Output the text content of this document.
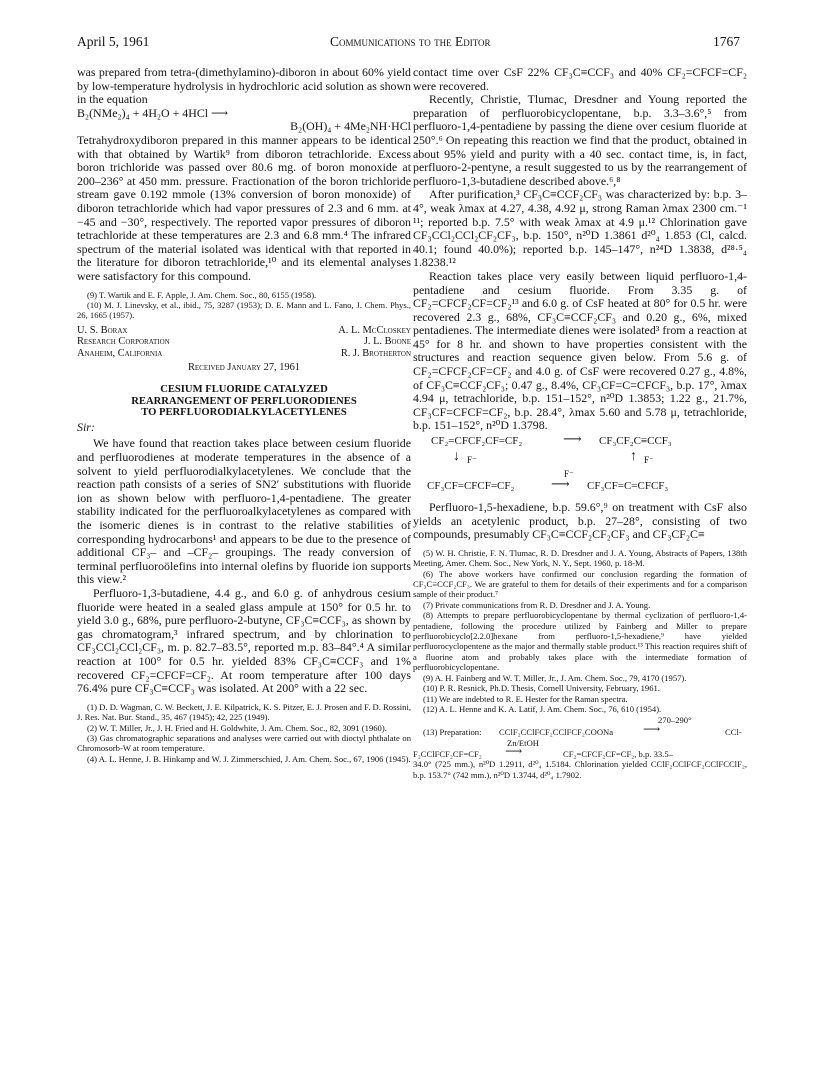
April 5, 1961	Communications to the Editor	1767

was prepared from tetra-(dimethylamino)-diboron in about 60% yield by low-temperature hydrolysis in hydrochloric acid solution as shown in the equation

B₂(NMe₂)₄ + 4H₂O + 4HCl ⟶

B₂(OH)₄ + 4Me₂NH·HCl

Tetrahydroxydiboron prepared in this manner appears to be identical with that obtained by Wartik⁹ from diboron tetrachloride. Excess boron trichloride was passed over 80.6 mg. of boron monoxide at 200–236° at 450 mm. pressure. Fractionation of the boron trichloride stream gave 0.192 mmole (13% conversion of boron monoxide) of diboron tetrachloride which had vapor pressures of 2.3 and 6 mm. at −45 and −30°, respectively. The reported vapor pressures of diboron tetrachloride at these temperatures are 2.3 and 6.8 mm.⁴ The infrared spectrum of the material isolated was identical with that reported in the literature for diboron tetrachloride,¹⁰ and its elemental analyses were satisfactory for this compound.

(9) T. Wartik and E. F. Apple, J. Am. Chem. Soc., 80, 6155 (1958).

(10) M. J. Linevsky, et al., ibid., 75, 3287 (1953); D. E. Mann and L. Fano, J. Chem. Phys., 26, 1665 (1957).

U. S. Borax	A. L. McCloskey
Research Corporation	J. L. Boone
Anaheim, California	R. J. Brotherton
Received January 27, 1961

CESIUM FLUORIDE CATALYZED

REARRANGEMENT OF PERFLUORODIENES

TO PERFLUORODIALKYLACETYLENES

Sir:

We have found that reaction takes place between cesium fluoride and perfluorodienes at moderate temperatures in the absence of a solvent to yield perfluorodialkylacetylenes. We conclude that the reaction path consists of a series of SN2′ substitutions with fluoride ion as shown below with perfluoro-1,4-pentadiene. The greater stability indicated for the perfluoroalkylacetylenes as compared with the isomeric dienes is in contrast to the relative stabilities of corresponding hydrocarbons¹ and appears to be due to the presence of additional CF₃– and –CF₂– groupings. The ready conversion of terminal perfluoroölefins into internal olefins by fluoride ion supports this view.²

Perfluoro-1,3-butadiene, 4.4 g., and 6.0 g. of anhydrous cesium fluoride were heated in a sealed glass ampule at 150° for 0.5 hr. to yield 3.0 g., 68%, pure perfluoro-2-butyne, CF₃C≡CCF₃, as shown by gas chromatogram,³ infrared spectrum, and by chlorination to CF₃CCl₂CCl₂CF₃, m. p. 82.7–83.5°, reported m.p. 83–84°.⁴ A similar reaction at 100° for 0.5 hr. yielded 83% CF₃C≡CCF₃ and 1% recovered CF₂=CFCF=CF₂. At room temperature after 100 days 76.4% pure CF₃C≡CCF₃ was isolated. At 200° with a 22 sec.

(1) D. D. Wagman, C. W. Beckett, J. E. Kilpatrick, K. S. Pitzer, E. J. Prosen and F. D. Rossini, J. Res. Nat. Bur. Stand., 35, 467 (1945); 42, 225 (1949).

(2) W. T. Miller, Jr., J. H. Fried and H. Goldwhite, J. Am. Chem. Soc., 82, 3091 (1960).

(3) Gas chromatographic separations and analyses were carried out with dioctyl phthalate on Chromosorb-W at room temperature.

(4) A. L. Henne, J. B. Hinkamp and W. J. Zimmerschied, J. Am. Chem. Soc., 67, 1906 (1945).

contact time over CsF 22% CF₃C≡CCF₃ and 40% CF₂=CFCF=CF₂ were recovered.

Recently, Christie, Tlumac, Dresdner and Young reported the preparation of perfluorobicyclopentane, b.p. 3.3–3.6°,⁵ from perfluoro-1,4-pentadiene by passing the diene over cesium fluoride at 250°.⁶ On repeating this reaction we find that the product, obtained in about 95% yield and purity with a 40 sec. contact time, is, in fact, perfluoro-2-pentyne, a result suggested to us by the rearrangement of perfluoro-1,3-butadiene described above.⁶,⁸

After purification,³ CF₃C≡CCF₂CF₃ was characterized by: b.p. 3–4°, weak λmax at 4.27, 4.38, 4.92 μ, strong Raman λmax 2300 cm.⁻¹ ¹¹; reported b.p. 7.5° with weak λmax at 4.9 μ.¹² Chlorination gave CF₃CCl₂CCl₂CF₂CF₃, b.p. 150°, n²⁰D 1.3861 d²⁰₄ 1.853 (Cl, calcd. 40.1; found 40.0%); reported b.p. 145–147°, n²⁴D 1.3838, d²⁸·⁵₄ 1.8238.¹²

Reaction takes place very easily between liquid perfluoro-1,4-pentadiene and cesium fluoride. From 3.35 g. of CF₂=CFCF₂CF=CF₂¹³ and 6.0 g. of CsF heated at 80° for 0.5 hr. were recovered 2.3 g., 68%, CF₃C≡CCF₂CF₃ and 0.20 g., 6%, mixed pentadienes. The intermediate dienes were isolated³ from a reaction at 45° for 8 hr. and shown to have properties consistent with the structures and reaction sequence given below. From 5.6 g. of CF₂=CFCF₂CF=CF₂ and 4.0 g. of CsF were recovered 0.27 g., 4.8%, of CF₃C≡CCF₂CF₃; 0.47 g., 8.4%, CF₃CF=C=CFCF₃, b.p. 17°, λmax 4.94 μ, tetrachloride, b.p. 151–152°, n²⁰D 1.3853; 1.22 g., 21.7%, CF₃CF=CFCF=CF₂, b.p. 28.4°, λmax 5.60 and 5.78 μ, tetrachloride, b.p. 151–152°, n²⁰D 1.3798.

CF₂=CFCF₂CF=CF₂	⟶ CF₃CF₂C≡CCF₃
↓ F⁻	↑ F⁻
F⁻
CF₃CF=CFCF=CF₂	⟶ CF₃CF=C=CFCF₃

Perfluoro-1,5-hexadiene, b.p. 59.6°,⁹ on treatment with CsF also yields an acetylenic product, b.p. 27–28°, consisting of two compounds, presumably CF₃C≡CCF₂CF₂CF₃ and CF₃CF₂C≡

(5) W. H. Christie, F. N. Tlumac, R. D. Dresdner and J. A. Young, Abstracts of Papers, 138th Meeting, Amer. Chem. Soc., New York, N. Y., Sept. 1960, p. 18-M.

(6) The above workers have confirmed our conclusion regarding the formation of CF₃C≡CCF₂CF₃. We are grateful to them for details of their experiments and for a comparison sample of their product.⁷

(7) Private communications from R. D. Dresdner and J. A. Young.

(8) Attempts to prepare perfluorobicyclopentane by thermal cyclization of perfluoro-1,4-pentadiene, following the procedure utilized by Fainberg and Miller to prepare perfluorobicyclo[2.2.0]hexane from perfluoro-1,5-hexadiene,⁹ have yielded perfluorocyclopentene as the major and thermally stable product.¹³ This reaction requires shift of a fluorine atom and probably takes place with the intermediate formation of perfluorobicyclopentane.

(9) A. H. Fainberg and W. T. Miller, Jr., J. Am. Chem. Soc., 79, 4170 (1957).

(10) P. R. Resnick, Ph.D. Thesis, Cornell University, February, 1961.

(11) We are indebted to R. E. Hester for the Raman spectra.

(12) A. L. Henne and K. A. Latif, J. Am. Chem. Soc., 76, 610 (1954).

(13) Preparation: CClF₂CClFCF₂CClFCF₂COONa
270–290°
⟶	CCl-
Zn/EtOH
F₂CClFCF₂CF=CF₂ ⟶	CF₂=CFCF₂CF=CF₂, b.p. 33.5–
34.0° (725 mm.), n²⁰D 1.2911, d²⁰₄ 1.5184. Chlorination yielded CClF₂CClFCF₂CClFCClF₂, b.p. 153.7° (742 mm.), n²⁰D 1.3744, d²⁰₄ 1.7902.
